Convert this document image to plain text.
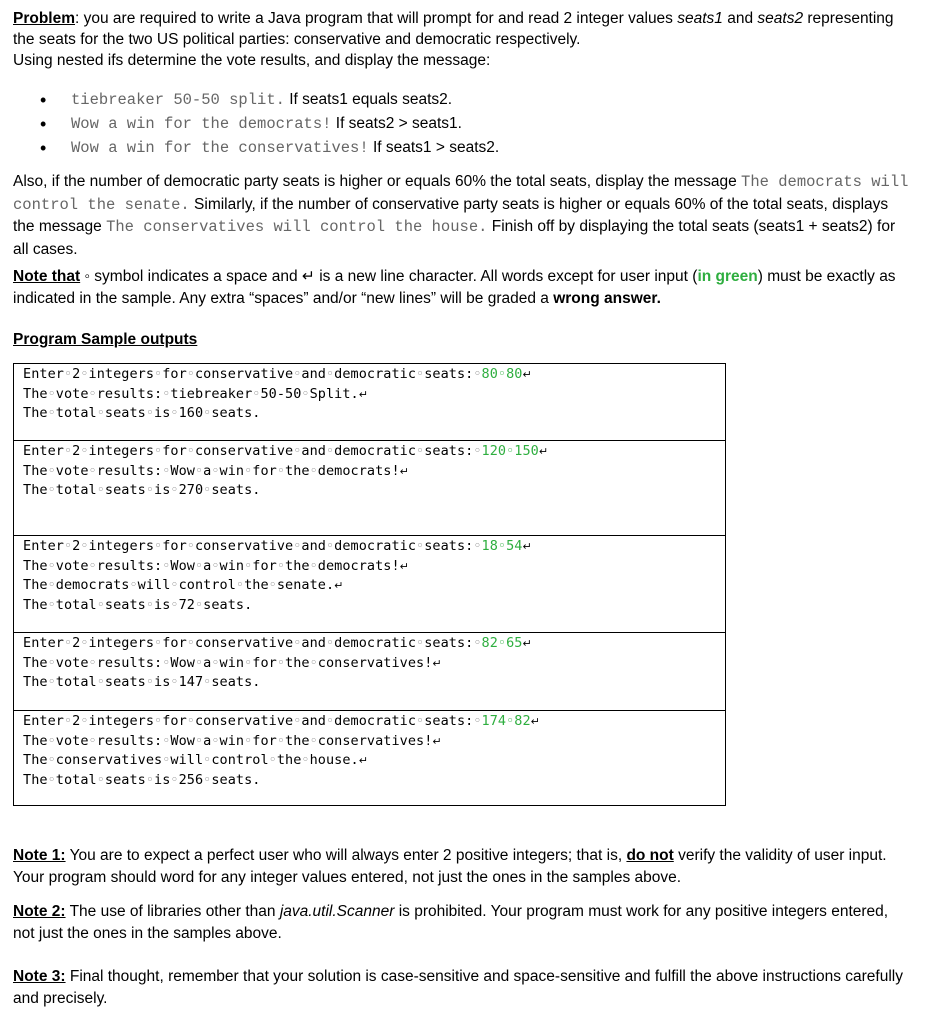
Problem: you are required to write a Java program that will prompt for and read 2 integer values seats1 and seats2 representing the seats for the two US political parties: conservative and democratic respectively.
Using nested ifs determine the vote results, and display the message:

• tiebreaker 50-50 split. If seats1 equals seats2.
• Wow a win for the democrats! If seats2 > seats1.
• Wow a win for the conservatives! If seats1 > seats2.

Also, if the number of democratic party seats is higher or equals 60% the total seats, display the message The democrats will control the senate. Similarly, if the number of conservative party seats is higher or equals 60% of the total seats, displays the message The conservatives will control the house. Finish off by displaying the total seats (seats1 + seats2) for all cases.

Note that ◦ symbol indicates a space and ↵ is a new line character. All words except for user input (in green) must be exactly as indicated in the sample. Any extra “spaces” and/or “new lines” will be graded a wrong answer.

Program Sample outputs

Enter◦2◦integers◦for◦conservative◦and◦democratic◦seats:◦80◦80↵
The◦vote◦results:◦tiebreaker◦50-50◦Split.↵
The◦total◦seats◦is◦160◦seats.
Enter◦2◦integers◦for◦conservative◦and◦democratic◦seats:◦120◦150↵
The◦vote◦results:◦Wow◦a◦win◦for◦the◦democrats!↵
The◦total◦seats◦is◦270◦seats.
Enter◦2◦integers◦for◦conservative◦and◦democratic◦seats:◦18◦54↵
The◦vote◦results:◦Wow◦a◦win◦for◦the◦democrats!↵
The◦democrats◦will◦control◦the◦senate.↵
The◦total◦seats◦is◦72◦seats.
Enter◦2◦integers◦for◦conservative◦and◦democratic◦seats:◦82◦65↵
The◦vote◦results:◦Wow◦a◦win◦for◦the◦conservatives!↵
The◦total◦seats◦is◦147◦seats.
Enter◦2◦integers◦for◦conservative◦and◦democratic◦seats:◦174◦82↵
The◦vote◦results:◦Wow◦a◦win◦for◦the◦conservatives!↵
The◦conservatives◦will◦control◦the◦house.↵
The◦total◦seats◦is◦256◦seats.

Note 1: You are to expect a perfect user who will always enter 2 positive integers; that is, do not verify the validity of user input. Your program should word for any integer values entered, not just the ones in the samples above.

Note 2: The use of libraries other than java.util.Scanner is prohibited. Your program must work for any positive integers entered, not just the ones in the samples above.

Note 3: Final thought, remember that your solution is case-sensitive and space-sensitive and fulfill the above instructions carefully and precisely.
